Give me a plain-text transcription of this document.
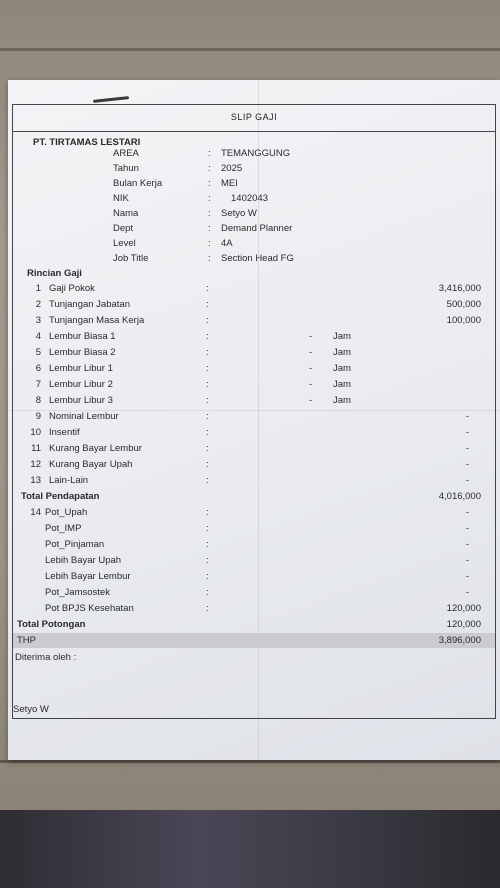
SLIP GAJI
PT. TIRTAMAS LESTARI
AREA	: TEMANGGUNG
Tahun	: 2025
Bulan Kerja	: MEI
NIK	: 1402043
Nama	: Setyo W
Dept	: Demand Planner
Level	: 4A
Job Title	: Section Head FG
Rincian Gaji
1 Gaji Pokok	:	3,416,000
2 Tunjangan Jabatan	:	500,000
3 Tunjangan Masa Kerja	:	100,000
4 Lembur Biasa 1	:	- Jam
5 Lembur Biasa 2	:	- Jam
6 Lembur Libur 1	:	- Jam
7 Lembur Libur 2	:	- Jam
8 Lembur Libur 3	:	- Jam
9 Nominal Lembur	:	-
10 Insentif	:	-
11 Kurang Bayar Lembur	:	-
12 Kurang Bayar Upah	:	-
13 Lain-Lain	:	-
Total Pendapatan	4,016,000
14 Pot_Upah	:	-
Pot_IMP	:	-
Pot_Pinjaman	:	-
Lebih Bayar Upah	:	-
Lebih Bayar Lembur	:	-
Pot_Jamsostek	:	-
Pot BPJS Kesehatan	:	120,000
Total Potongan	120,000
THP	3,896,000
Diterima oleh :
Setyo W
